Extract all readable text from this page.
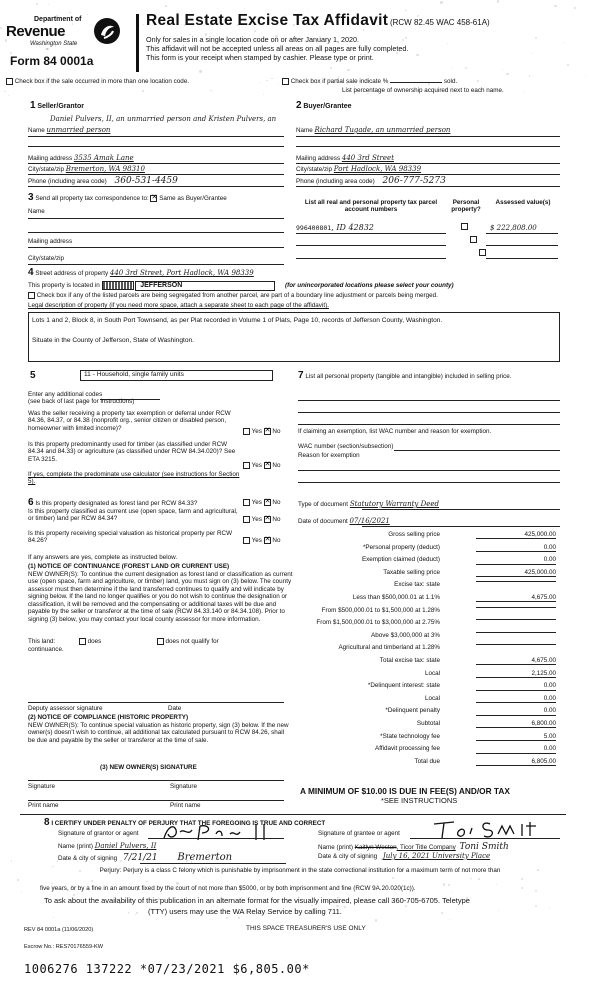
Department of
Revenue
Washington State
Form 84 0001a
Real Estate Excise Tax Affidavit (RCW 82.45 WAC 458-61A)
Only for sales in a single location code on or after January 1, 2020.
This affidavit will not be accepted unless all areas on all pages are fully completed.
This form is your receipt when stamped by cashier. Please type or print.
Check box if the sale occurred in more than one location code.	Check box if partial sale indicate %	sold.
List percentage of ownership acquired next to each name.
1 Seller/Grantor
Daniel Pulvers, II, an unmarried person and Kristen Pulvers, an
Name unmarried person
Mailing address 3535 Amak Lane
City/state/zip Bremerton, WA 98310
Phone (including area code) 360-531-4459
2 Buyer/Grantee
Name Richard Tugade, an unmarried person
Mailing address 440 3rd Street
City/state/zip Port Hadlock, WA 98339
Phone (including area code) 206-777-5273
3 Send all property tax correspondence to: ✕ Same as Buyer/Grantee
Name
Mailing address
City/state/zip
List all real and personal property tax parcel account numbers
Personal property?
Assessed value(s)
996400801, ID 42832
	$ 222,808.00
4 Street address of property 440 3rd Street, Port Hadlock, WA 98339
This property is located in	JEFFERSON	(for unincorporated locations please select your county)
Check box if any of the listed parcels are being segregated from another parcel, are part of a boundary line adjustment or parcels being merged.
Legal description of property (if you need more space, attach a separate sheet to each page of the affidavit).
Lots 1 and 2, Block 8, in South Port Townsend, as per Plat recorded in Volume 1 of Plats, Page 10, records of Jefferson County, Washington.
Situate in the County of Jefferson, State of Washington.
5	11 - Household, single family units
Enter any additional codes
(see back of last page for instructions)
Was the seller receiving a property tax exemption or deferral under RCW 84.36, 84.37, or 84.38 (nonprofit org., senior citizen or disabled person, homeowner with limited income)?	Yes ✕ No
Is this property predominantly used for timber (as classified under RCW 84.34 and 84.33) or agriculture (as classified under RCW 84.34.020)? See ETA 3215.
Yes ✕ No
If yes, complete the predominate use calculator (see instructions for Section 5).
6 Is this property designated as forest land per RCW 84.33?	Yes ✕ No
Is this property classified as current use (open space, farm and agricultural, or timber) land per RCW 84.34?	Yes ✕ No
Is this property receiving special valuation as historical property per RCW 84.26?	Yes ✕ No
If any answers are yes, complete as instructed below.
(1) NOTICE OF CONTINUANCE (FOREST LAND OR CURRENT USE)
NEW OWNER(S): To continue the current designation as forest land or classification as current use (open space, farm and agriculture, or timber) land, you must sign on (3) below. The county assessor must then determine if the land transferred continues to qualify and will indicate by signing below. If the land no longer qualifies or you do not wish to continue the designation or classification, it will be removed and the compensating or additional taxes will be due and payable by the seller or transferor at the time of sale (RCW 84.33.140 or 84.34.108). Prior to signing (3) below, you may contact your local county assessor for more information.
This land:	does	does not qualify for
continuance.
Deputy assessor signature	Date
(2) NOTICE OF COMPLIANCE (HISTORIC PROPERTY)
NEW OWNER(S): To continue special valuation as historic property, sign (3) below. If the new owner(s) doesn't wish to continue, all additional tax calculated pursuant to RCW 84.26, shall be due and payable by the seller or transferor at the time of sale.
(3) NEW OWNER(S) SIGNATURE
Signature	Signature
Print name	Print name
7 List all personal property (tangible and intangible) included in selling price.
If claiming an exemption, list WAC number and reason for exemption.
WAC number (section/subsection)
Reason for exemption
Type of document Statutory Warranty Deed
Date of document 07/16/2021
Gross selling price	425,000.00
*Personal property (deduct)	0.00
Exemption claimed (deduct)	0.00
Taxable selling price	425,000.00
Excise tax: state
Less than $500,000.01 at 1.1%	4,675.00
From $500,000.01 to $1,500,000 at 1.28%
From $1,500,000.01 to $3,000,000 at 2.75%
Above $3,000,000 at 3%
Agricultural and timberland at 1.28%
Total excise tax: state	4,675.00
Local	2,125.00
*Delinquent interest: state	0.00
Local	0.00
*Delinquent penalty	0.00
Subtotal	6,800.00
*State technology fee	5.00
Affidavit processing fee	0.00
Total due	6,805.00
A MINIMUM OF $10.00 IS DUE IN FEE(S) AND/OR TAX
*SEE INSTRUCTIONS
8 I CERTIFY UNDER PENALTY OF PERJURY THAT THE FOREGOING IS TRUE AND CORRECT
Signature of grantor or agent
Name (print) Daniel Pulvers, II
Date & city of signing 7/21/21 Bremerton
Signature of grantee or agent
Name (print) Kaitlyn Weston, Ticor Title Company Toni Smith
Date & city of signing July 16, 2021 University Place
Perjury: Perjury is a class C felony which is punishable by imprisonment in the state correctional institution for a maximum term of not more than
five years, or by a fine in an amount fixed by the court of not more than $5000, or by both imprisonment and fine (RCW 9A.20.020(1c)).
To ask about the availability of this publication in an alternate format for the visually impaired, please call 360-705-6705. Teletype
(TTY) users may use the WA Relay Service by calling 711.
REV 84 0001a (11/06/2020)	THIS SPACE TREASURER'S USE ONLY
Escrow No.: RES70176559-KW
1006276 137222 *07/23/2021 $6,805.00*
